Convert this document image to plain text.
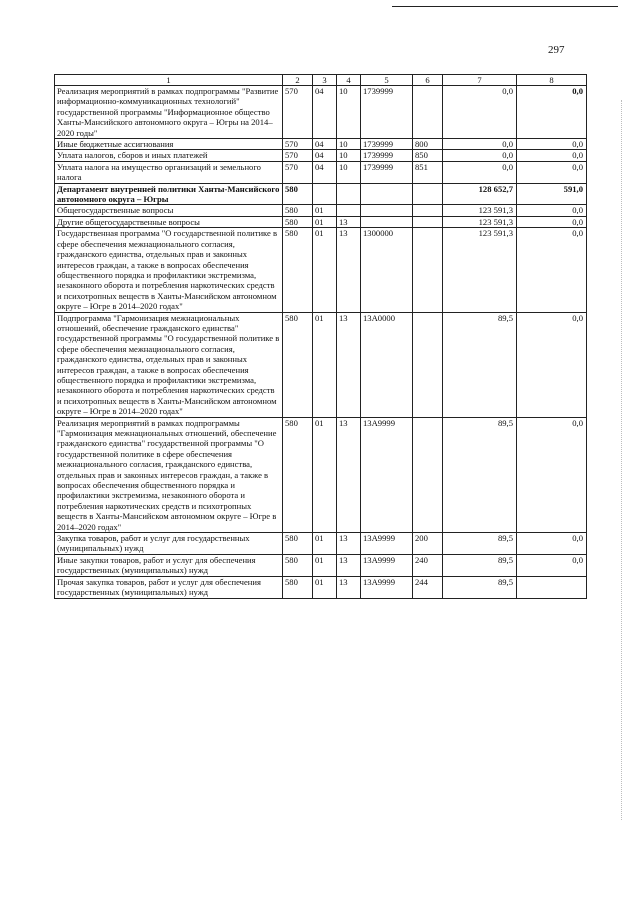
297
1	2	3	4	5	6	7	8
Реализация мероприятий в рамках подпрограммы "Развитие информационно-коммуникационных технологий" государственной программы "Информационное общество Ханты-Мансийского автономного округа – Югры на 2014–2020 годы"	570	04	10	1739999		0,0	0,0
Иные бюджетные ассигнования	570	04	10	1739999	800	0,0	0,0
Уплата налогов, сборов и иных платежей	570	04	10	1739999	850	0,0	0,0
Уплата налога на имущество организаций и земельного налога	570	04	10	1739999	851	0,0	0,0
Департамент внутренней политики Ханты-Мансийского автономного округа – Югры	580					128 652,7	591,0
Общегосударственные вопросы	580	01				123 591,3	0,0
Другие общегосударственные вопросы	580	01	13			123 591,3	0,0
Государственная программа "О государственной политике в сфере обеспечения межнационального согласия, гражданского единства, отдельных прав и законных интересов граждан, а также в вопросах обеспечения общественного порядка и профилактики экстремизма, незаконного оборота и потребления наркотических средств и психотропных веществ в Ханты-Мансийском автономном округе – Югре в 2014–2020 годах"	580	01	13	1300000		123 591,3	0,0
Подпрограмма "Гармонизация межнациональных отношений, обеспечение гражданского единства" государственной программы "О государственной политике в сфере обеспечения межнационального согласия, гражданского единства, отдельных прав и законных интересов граждан, а также в вопросах обеспечения общественного порядка и профилактики экстремизма, незаконного оборота и потребления наркотических средств и психотропных веществ в Ханты-Мансийском автономном округе – Югре в 2014–2020 годах"	580	01	13	13А0000		89,5	0,0
Реализация мероприятий в рамках подпрограммы "Гармонизация межнациональных отношений, обеспечение гражданского единства" государственной программы "О государственной политике в сфере обеспечения межнационального согласия, гражданского единства, отдельных прав и законных интересов граждан, а также в вопросах обеспечения общественного порядка и профилактики экстремизма, незаконного оборота и потребления наркотических средств и психотропных веществ в Ханты-Мансийском автономном округе – Югре в 2014–2020 годах"	580	01	13	13А9999		89,5	0,0
Закупка товаров, работ и услуг для государственных (муниципальных) нужд	580	01	13	13А9999	200	89,5	0,0
Иные закупки товаров, работ и услуг для обеспечения государственных (муниципальных) нужд	580	01	13	13А9999	240	89,5	0,0
Прочая закупка товаров, работ и услуг для обеспечения государственных (муниципальных) нужд	580	01	13	13А9999	244	89,5	
